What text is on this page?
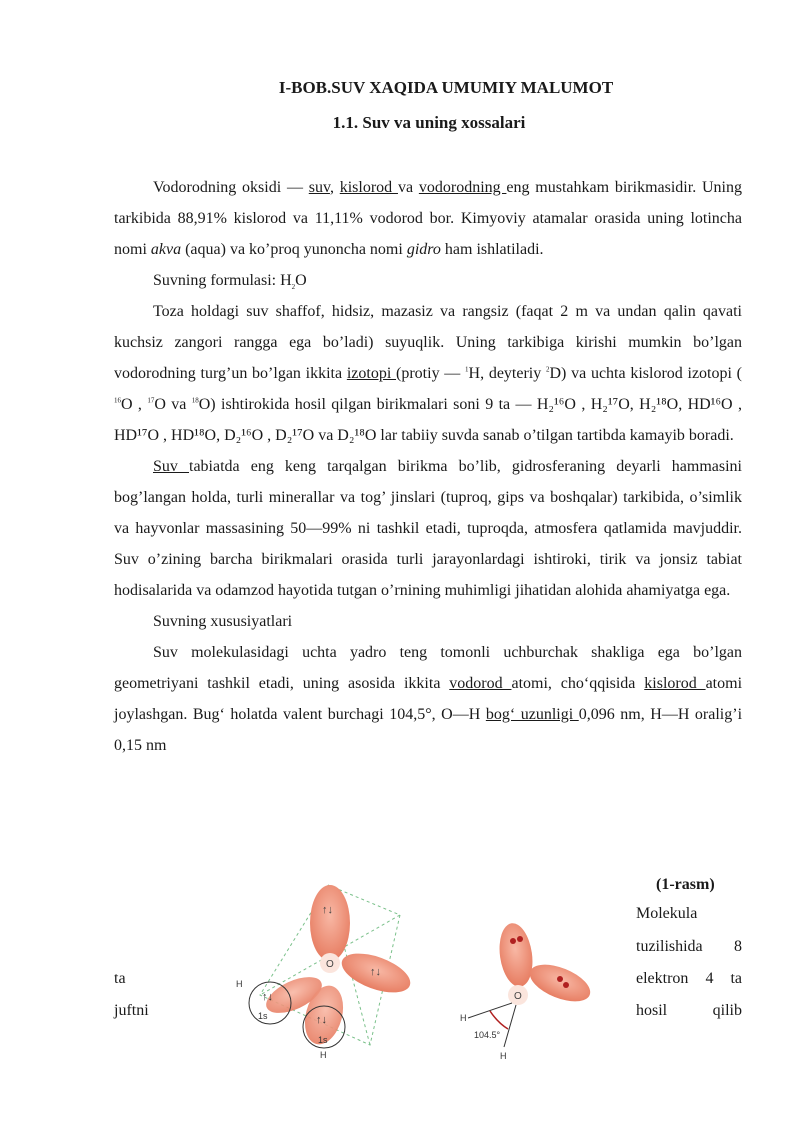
I-BOB.SUV XAQIDA UMUMIY MALUMOT
1.1. Suv va uning xossalari

Vodorodning oksidi — suv, kislorod va vodorodning eng mustahkam birikmasidir. Uning tarkibida 88,91% kislorod va 11,11% vodorod bor. Kimyoviy atamalar orasida uning lotincha nomi akva (aqua) va ko’proq yunoncha nomi gidro ham ishlatiladi.

Suvning formulasi: $H_2O$

Toza holdagi suv shaffof, hidsiz, mazasiz va rangsiz (faqat 2 m va undan qalin qavati kuchsiz zangori rangga ega bo’ladi) suyuqlik. Uning tarkibiga kirishi mumkin bo’lgan vodorodning turg’un bo’lgan ikkita izotopi (protiy — $^1$H, deyteriy $^2$D) va uchta kislorod izotopi ( $^{16}$O , $^{17}$O va $^{18}$O) ishtirokida hosil qilgan birikmalari soni 9 ta — H₂¹⁶O , H₂¹⁷O, H₂¹⁸O, HD¹⁶O , HD¹⁷O , HD¹⁸O, D₂¹⁶O , D₂¹⁷O va D₂¹⁸O lar tabiiy suvda sanab o’tilgan tartibda kamayib boradi.

Suv tabiatda eng keng tarqalgan birikma bo’lib, gidrosferaning deyarli hammasini bog’langan holda, turli minerallar va tog’ jinslari (tuproq, gips va boshqalar) tarkibida, o’simlik va hayvonlar massasining 50—99% ni tashkil etadi, tuproqda, atmosfera qatlamida mavjuddir. Suv o’zining barcha birikmalari orasida turli jarayonlardagi ishtiroki, tirik va jonsiz tabiat hodisalarida va odamzod hayotida tutgan o’rnining muhimligi jihatidan alohida ahamiyatga ega.

Suvning xususiyatlari

Suv molekulasidagi uchta yadro teng tomonli uchburchak shakliga ega bo’lgan geometriyani tashkil etadi, uning asosida ikkita vodorod atomi, cho‘qqisida kislorod atomi joylashgan. Bug‘ holatda valent burchagi 104,5°, O—H bog‘ uzunligi 0,096 nm, H—H oralig’i 0,15 nm

(1-rasm)
Molekula
tuzilishida 8
elektron 4 ta
hosil qilib
ta
juftni
O
↑↓
↑↓
↑↓
1s
H
↑↓
1s
H
O
H
H
104.5°
